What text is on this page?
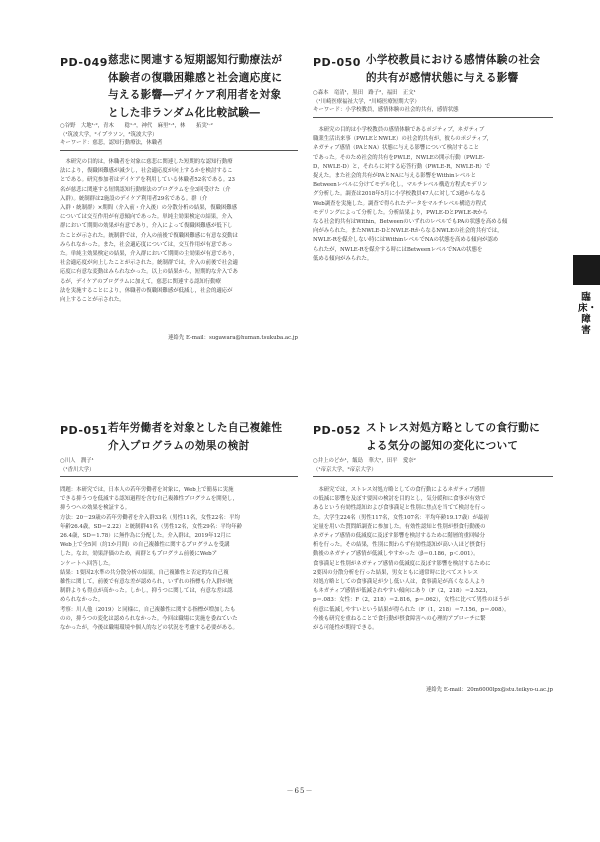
PD-049 慈悲に関連する短期認知行動療法が
体験者の復職困難感と社会適応度に
与える影響―デイケア利用者を対象
とした非ランダム化比較試験―
○谷野　大地¹·²，青木　　稔¹·³，神代　麻里²·³，林　　拓実¹·²
（¹筑波大学，²イプラソン，³筑波大学）
キーワード：慈悲，認知行動療法，休職者
　本研究の目的は，休職者を対象に慈悲に関連した短期的な認知行動療
法により，復職困難感が減少し，社会適応度が向上するかを検討するこ
とである。研究参加者はデイケアを利用している休職者52名である。23
名が慈悲に関連する短期認知行動療法のプログラムを全3回受けた（介
入群）。統制群は2施設のデイケア利用者29名である。群（介
入群・統制群）×期間（介入前・介入後）の分散分析の結果，復職困難感
については交互作用が有意傾向であった。単純主効果検定の結果，介入
群において期間の効果が有意であり，介入によって復職困難感が低下し
たことが示された。統制群では，介入の前後で復職困難感に有意な変動は
みられなかった。また，社会適応度については，交互作用が有意であっ
た。単純主効果検定の結果，介入群において期間の主効果が有意であり，
社会適応度が向上したことが示された。統制群では，介入の前後で社会適
応度に有意な変動はみられなかった。以上の結果から，短期的な介入であ
るが，デイケアのプログラムに加えて，慈悲に関連する認知行動療
法を実施することにより，休職者の復職困難感が低減し，社会的適応が
向上することが示された。
連絡先 E-mail：sugawara@human.tsukuba.ac.jp
PD-050 小学校教員における感情体験の社会
的共有が感情状態に与える影響
○森本　竜清¹，黒田　路子²，福田　正文¹
（¹川崎医療福祉大学，²川崎医療短期大学）
キーワード：小学校教員，感情体験の社会的共有，感情状態
　本研究の目的は小学校教員の感情体験であるポジティブ，ネガティブ
職業生活出来事（PWLEとNWLE）の社会的共有が，彼らのポジティブ，
ネガティブ感情（PAとNA）状態に与える影響について検討すること
であった。そのため社会的共有をPWLE，NWLEの開示行動（PWLE-
D，NWLE-D）と，それらに対する応答行動（PWLE-R，NWLE-R）で
捉えた。また社会的共有がPAとNAに与える影響をWithinレベルと
Betweenレベルに分けてモデル化し，マルチレベル構造方程式モデリン
グ分析した。調査は2018年5月に小学校教員47人に対して3週からなる
Web調査を実施した。調査で得られたデータをマルチレベル構造方程式
モデリングによって分析した。分析結果より，PWLE-DとPWLE-Rから
なる社会的共有はWithin，BetweenのいずれのレベルでもPAの状態を高める傾
向がみられた。またNWLE-DとNWLE-RからなるNWLEの社会的共有では，
NWLE-Rを媒介しない時にはWithinレベルでNAの状態を高める傾向が認め
られたが，NWLE-Rを媒介する時にはBetweenレベルでNAの状態を
低める傾向がみられた。
臨床・障害
PD-051 若年労働者を対象とした自己複雑性
介入プログラムの効果の検討
○川人　潤子¹
（¹香川大学）
問題：本研究では，日本人の若年労働者を対象に，Web上で簡易に実施
できる抑うつを低減する認知過程を含む自己複雑性プログラムを開発し，
抑うつへの効果を検証する。
方法：20－29歳の若年労働者を介入群33名（男性11名，女性22名：平均
年齢26.4歳，SD＝2.22）と統制群41名（男性12名，女性29名：平均年齢
26.4歳，SD＝1.78）に無作為に分配した。介入群は，2019年12月に
Web上で全5回（約1か月間）の自己複雑性に関するプログラムを受講
した。なお，効果評価のため，両群ともプログラム前後にWebア
ンケートへ回答した。
結果：1要因2水準の共分散分析の結果，自己複雑性と否定的な自己複
雑性に関して，前後で有意な差が認められ，いずれの指標も介入群が統
制群よりも得点が高かった。しかし，抑うつに関しては，有意な差は認
められなかった。
考察：川人他（2019）と同様に，自己複雑性に関する指標が増加したも
のの，抑うつの変化は認められなかった。今回は職場に実施を委ねていた
なかったが，今後は職場環境や個人的などの状況を考慮する必要がある。
PD-052 ストレス対処方略としての食行動に
よる気分の認知の変化について
○井上のどか¹，飯島　華大²，田平　愛奈²
（¹帝京大学，²帝京大学）
　本研究では，ストレス対処方略としての食行動によるネガティブ感情
の低減に影響を及ぼす要因の検討を目的とし，気分緩和に食事が有効で
あるという有効性認知および食事満足と性別に焦点を当てて検討を行っ
た。大学生224名（男性117名，女性107名：平均年齢19.17歳）が最初
定量を用いた質問紙調査に参加した。有効性認知と性別が摂食行動後の
ネガティブ感情の低減度に及ぼす影響を検討するために階層的重回帰分
析を行った。その結果，性別に関わらず有効性認知が高い人ほど摂食行
動後のネガティブ感情が低減しやすかった（β＝0.186，p＜.001）。
食事満足と性別がネガティブ感情の低減度に及ぼす影響を検討するために
2要因の分散分析を行った結果，男女ともに通常時に比べてストレス
対処方略としての食事満足が少し低い人は，食事満足が高くなる人より
もネガティブ感情が低減されやすい傾向にあり（F（2，218）＝2.523，
p＝.083：女性：F（2，218）＝2.816，p＝.062），女性に比べて男性のほうが
有意に低減しやすいという結果が得られた（F（1，218）＝7.156，p＝.008）。
今後も研究を重ねることで食行動が摂食障害への心理的アプローチに繋
がる可能性が期待できる。
連絡先 E-mail：20m6000lpx@stu.teikyo-u.ac.jp
－65－
